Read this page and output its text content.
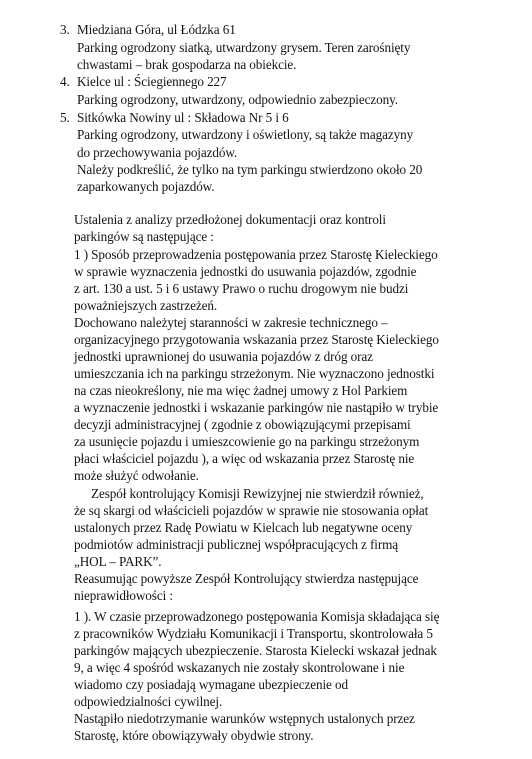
3. Miedziana Góra, ul Łódzka 61
Parking ogrodzony siatką, utwardzony grysem. Teren zarośnięty
chwastami – brak gospodarza na obiekcie.
4. Kielce ul : Ściegiennego 227
Parking ogrodzony, utwardzony, odpowiednio zabezpieczony.
5. Sitkówka Nowiny ul : Składowa Nr 5 i 6
Parking ogrodzony, utwardzony i oświetlony, są także magazyny
do przechowywania pojazdów.
Należy podkreślić, że tylko na tym parkingu stwierdzono około 20
zaparkowanych pojazdów.
Ustalenia z analizy przedłożonej dokumentacji oraz kontroli
parkingów są następujące :
1 ) Sposób przeprowadzenia postępowania przez Starostę Kieleckiego
w sprawie wyznaczenia jednostki do usuwania pojazdów, zgodnie
z art. 130 a ust. 5 i 6 ustawy Prawo o ruchu drogowym nie budzi
poważniejszych zastrzeżeń.
Dochowano należytej staranności w zakresie technicznego –
organizacyjnego przygotowania wskazania przez Starostę Kieleckiego
jednostki uprawnionej do usuwania pojazdów z dróg oraz
umieszczania ich na parkingu strzeżonym. Nie wyznaczono jednostki
na czas nieokreślony, nie ma więc żadnej umowy z Hol Parkiem
a wyznaczenie jednostki i wskazanie parkingów nie nastąpiło w trybie
decyzji administracyjnej ( zgodnie z obowiązującymi przepisami
za usunięcie pojazdu i umieszcowienie go na parkingu strzeżonym
płaci właściciel pojazdu ), a więc od wskazania przez Starostę nie
może służyć odwołanie.
Zespół kontrolujący Komisji Rewizyjnej nie stwierdził również,
że sq skargi od właścicieli pojazdów w sprawie nie stosowania opłat
ustalonych przez Radę Powiatu w Kielcach lub negatywne oceny
podmiotów administracji publicznej współpracujących z firmą
„HOL – PARK”.
Reasumując powyższe Zespół Kontrolujący stwierdza następujące
nieprawidłowości :
1 ). W czasie przeprowadzonego postępowania Komisja składająca się
z pracowników Wydziału Komunikacji i Transportu, skontrolowała 5
parkingów mających ubezpieczenie. Starosta Kielecki wskazał jednak
9, a więc 4 spośród wskazanych nie zostały skontrolowane i nie
wiadomo czy posiadają wymagane ubezpieczenie od
odpowiedzialności cywilnej.
Nastąpiło niedotrzymanie warunków wstępnych ustalonych przez
Starostę, które obowiązywały obydwie strony.
